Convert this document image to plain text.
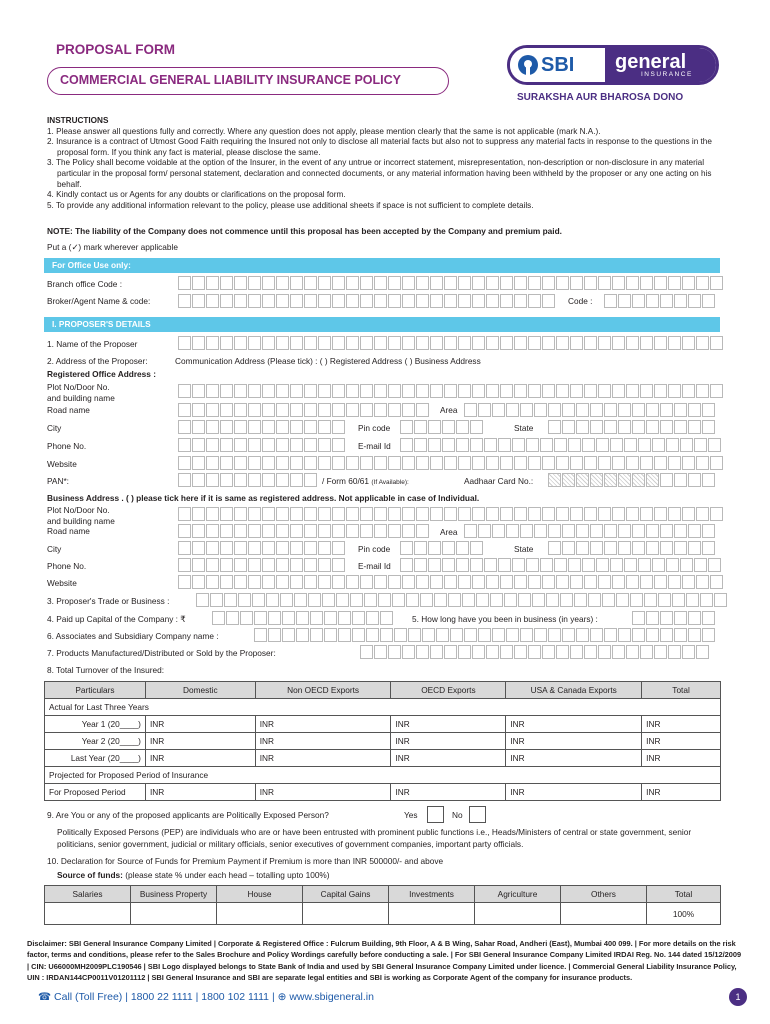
PROPOSAL FORM
COMMERCIAL GENERAL LIABILITY INSURANCE POLICY
SBI general
INSURANCE
SURAKSHA AUR BHAROSA DONO
INSTRUCTIONS
1. Please answer all questions fully and correctly. Where any question does not apply, please mention clearly that the same is not applicable (mark N.A.).
2. Insurance is a contract of Utmost Good Faith requiring the Insured not only to disclose all material facts but also not to suppress any material facts in response to the questions in the proposal form. If you think any fact is material, please disclose the same.
3. The Policy shall become voidable at the option of the Insurer, in the event of any untrue or incorrect statement, misrepresentation, non-description or non-disclosure in any material particular in the proposal form/ personal statement, declaration and connected documents, or any material information having been withheld by the proposer or any one acting on his behalf.
4. Kindly contact us or Agents for any doubts or clarifications on the proposal form.
5. To provide any additional information relevant to the policy, please use additional sheets if space is not sufficient to complete details.
NOTE: The liability of the Company does not commence until this proposal has been accepted by the Company and premium paid.
Put a (✓) mark wherever applicable
For Office Use only:
Branch office Code :
Broker/Agent Name & code:	Code :
I. PROPOSER'S DETAILS
1. Name of the Proposer
2. Address of the Proposer:	Communication Address (Please tick) : ( ) Registered Address ( ) Business Address
Registered Office Address :
Plot No/Door No.
and building name
Road name	Area
City	Pin code	State
Phone No.	E-mail Id
Website
PAN*:	/ Form 60/61 (If Available):	Aadhaar Card No.:
Business Address . ( ) please tick here if it is same as registered address. Not applicable in case of Individual.
Plot No/Door No.
and building name
Road name	Area
City	Pin code	State
Phone No.	E-mail Id
Website
3. Proposer's Trade or Business :
4. Paid up Capital of the Company : ₹	5. How long have you been in business (in years) :
6. Associates and Subsidiary Company name :
7. Products Manufactured/Distributed or Sold by the Proposer:
8. Total Turnover of the Insured:
Particulars	Domestic	Non OECD Exports	OECD Exports	USA & Canada Exports	Total
Actual for Last Three Years					
Year 1 (20____)	INR	INR	INR	INR	INR
Year 2 (20____)	INR	INR	INR	INR	INR
Last Year (20____)	INR	INR	INR	INR	INR
Projected for Proposed Period of Insurance					
For Proposed Period	INR	INR	INR	INR	INR
9. Are You or any of the proposed applicants are Politically Exposed Person?	Yes	No
Politically Exposed Persons (PEP) are individuals who are or have been entrusted with prominent public functions i.e., Heads/Ministers of central or state government, senior politicians, senior government, judicial or military officials, senior executives of government companies, important party officials.
10. Declaration for Source of Funds for Premium Payment if Premium is more than INR 500000/- and above
Source of funds: (please state % under each head – totalling upto 100%)
Salaries	Business Property	House	Capital Gains	Investments	Agriculture	Others	Total
							100%
Disclaimer: SBI General Insurance Company Limited | Corporate & Registered Office : Fulcrum Building, 9th Floor, A & B Wing, Sahar Road, Andheri (East), Mumbai 400 099. | For more details on the risk factor, terms and conditions, please refer to the Sales Brochure and Policy Wordings carefully before conducting a sale. | For SBI General Insurance Company Limited IRDAI Reg. No. 144 dated 15/12/2009 | CIN: U66000MH2009PLC190546 | SBI Logo displayed belongs to State Bank of India and used by SBI General Insurance Company Limited under licence. | Commercial General Liability Insurance Policy, UIN : IRDAN144CP0011V01201112 | SBI General Insurance and SBI are separate legal entities and SBI is working as Corporate Agent of the company for insurance products.
☎ Call (Toll Free) | 1800 22 1111 | 1800 102 1111 | ⊕ www.sbigeneral.in	1
